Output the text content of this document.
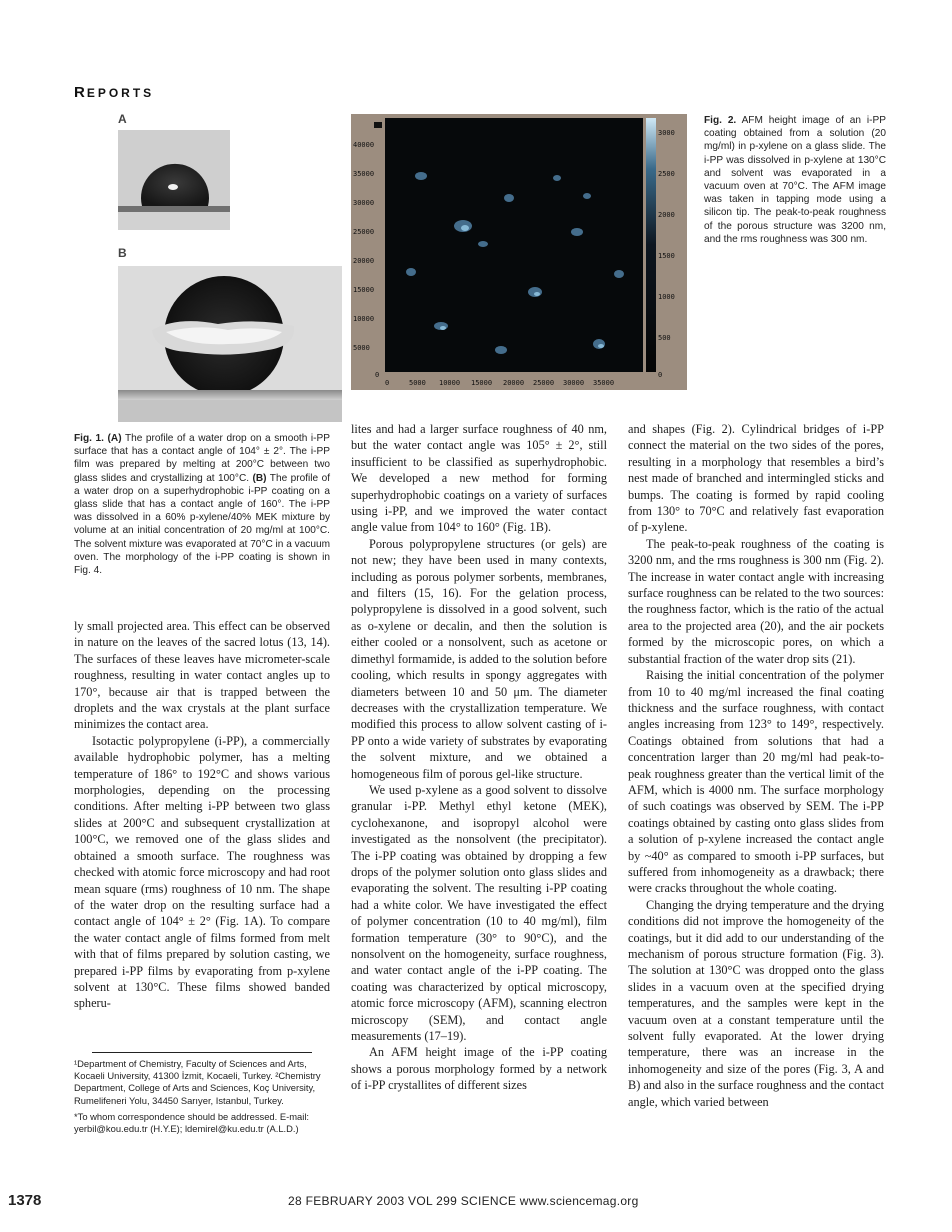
REPORTS
A
B
Fig. 1. (A) The profile of a water drop on a smooth i-PP surface that has a contact angle of 104° ± 2°. The i-PP film was prepared by melting at 200°C between two glass slides and crystallizing at 100°C. (B) The profile of a water drop on a superhydrophobic i-PP coating on a glass slide that has a contact angle of 160°. The i-PP was dissolved in a 60% p-xylene/40% MEK mixture by volume at an initial concentration of 20 mg/ml at 100°C. The solvent mixture was evaporated at 70°C in a vacuum oven. The morphology of the i-PP coating is shown in Fig. 4.
40000
35000
30000
25000
20000
15000
10000
5000
0
0	5000 10000 15000 20000 25000 30000 35000
3000
2500
2000
1500
1000
500
0
Fig. 2. AFM height image of an i-PP coating obtained from a solution (20 mg/ml) in p-xylene on a glass slide. The i-PP was dissolved in p-xylene at 130°C and solvent was evaporated in a vacuum oven at 70°C. The AFM image was taken in tapping mode using a silicon tip. The peak-to-peak roughness of the porous structure was 3200 nm, and the rms roughness was 300 nm.

ly small projected area. This effect can be observed in nature on the leaves of the sacred lotus (13, 14). The surfaces of these leaves have micrometer-scale roughness, resulting in water contact angles up to 170°, because air that is trapped between the droplets and the wax crystals at the plant surface minimizes the contact area.

Isotactic polypropylene (i-PP), a commercially available hydrophobic polymer, has a melting temperature of 186° to 192°C and shows various morphologies, depending on the processing conditions. After melting i-PP between two glass slides at 200°C and subsequent crystallization at 100°C, we removed one of the glass slides and obtained a smooth surface. The roughness was checked with atomic force microscopy and had root mean square (rms) roughness of 10 nm. The shape of the water drop on the resulting surface had a contact angle of 104° ± 2° (Fig. 1A). To compare the water contact angle of films formed from melt with that of films prepared by solution casting, we prepared i-PP films by evaporating from p-xylene solvent at 130°C. These films showed banded spheru-

¹Department of Chemistry, Faculty of Sciences and Arts, Kocaeli University, 41300 İzmit, Kocaeli, Turkey. ²Chemistry Department, College of Arts and Sciences, Koç University, Rumelifeneri Yolu, 34450 Sarıyer, Istanbul, Turkey.

*To whom correspondence should be addressed. E-mail: yerbil@kou.edu.tr (H.Y.E); ldemirel@ku.edu.tr (A.L.D.)

lites and had a larger surface roughness of 40 nm, but the water contact angle was 105° ± 2°, still insufficient to be classified as superhydrophobic. We developed a new method for forming superhydrophobic coatings on a variety of surfaces using i-PP, and we improved the water contact angle value from 104° to 160° (Fig. 1B).

Porous polypropylene structures (or gels) are not new; they have been used in many contexts, including as porous polymer sorbents, membranes, and filters (15, 16). For the gelation process, polypropylene is dissolved in a good solvent, such as o-xylene or decalin, and then the solution is either cooled or a nonsolvent, such as acetone or dimethyl formamide, is added to the solution before cooling, which results in spongy aggregates with diameters between 10 and 50 μm. The diameter decreases with the crystallization temperature. We modified this process to allow solvent casting of i-PP onto a wide variety of substrates by evaporating the solvent mixture, and we obtained a homogeneous film of porous gel-like structure.

We used p-xylene as a good solvent to dissolve granular i-PP. Methyl ethyl ketone (MEK), cyclohexanone, and isopropyl alcohol were investigated as the nonsolvent (the precipitator). The i-PP coating was obtained by dropping a few drops of the polymer solution onto glass slides and evaporating the solvent. The resulting i-PP coating had a white color. We have investigated the effect of polymer concentration (10 to 40 mg/ml), film formation temperature (30° to 90°C), and the nonsolvent on the homogeneity, surface roughness, and water contact angle of the i-PP coating. The coating was characterized by optical microscopy, atomic force microscopy (AFM), scanning electron microscopy (SEM), and contact angle measurements (17–19).

An AFM height image of the i-PP coating shows a porous morphology formed by a network of i-PP crystallites of different sizes

and shapes (Fig. 2). Cylindrical bridges of i-PP connect the material on the two sides of the pores, resulting in a morphology that resembles a bird’s nest made of branched and intermingled sticks and bumps. The coating is formed by rapid cooling from 130° to 70°C and relatively fast evaporation of p-xylene.

The peak-to-peak roughness of the coating is 3200 nm, and the rms roughness is 300 nm (Fig. 2). The increase in water contact angle with increasing surface roughness can be related to the two sources: the roughness factor, which is the ratio of the actual area to the projected area (20), and the air pockets formed by the microscopic pores, on which a substantial fraction of the water drop sits (21).

Raising the initial concentration of the polymer from 10 to 40 mg/ml increased the final coating thickness and the surface roughness, with contact angles increasing from 123° to 149°, respectively. Coatings obtained from solutions that had a concentration larger than 20 mg/ml had peak-to-peak roughness greater than the vertical limit of the AFM, which is 4000 nm. The surface morphology of such coatings was observed by SEM. The i-PP coatings obtained by casting onto glass slides from a solution of p-xylene increased the contact angle by ~40° as compared to smooth i-PP surfaces, but suffered from inhomogeneity as a drawback; there were cracks throughout the whole coating.

Changing the drying temperature and the drying conditions did not improve the homogeneity of the coatings, but it did add to our understanding of the mechanism of porous structure formation (Fig. 3). The solution at 130°C was dropped onto the glass slides in a vacuum oven at the specified drying temperatures, and the samples were kept in the vacuum oven at a constant temperature until the solvent fully evaporated. At the lower drying temperature, there was an increase in the inhomogeneity and size of the pores (Fig. 3, A and B) and also in the surface roughness and the contact angle, which varied between

1378	28 FEBRUARY 2003 VOL 299 SCIENCE www.sciencemag.org
